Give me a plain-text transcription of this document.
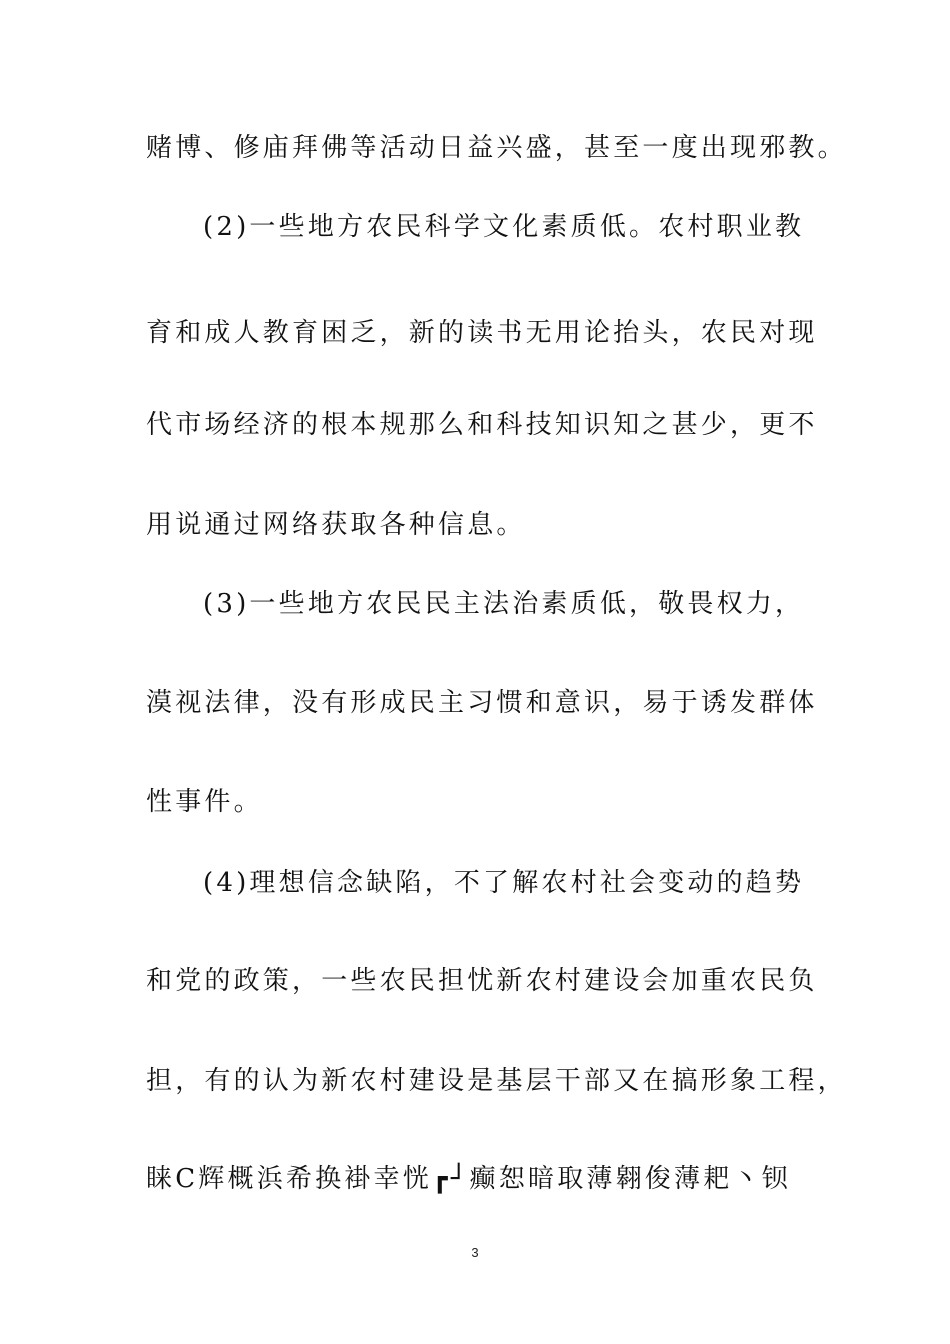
赌博、修庙拜佛等活动日益兴盛，甚至一度出现邪教。
(2)一些地方农民科学文化素质低。农村职业教
育和成人教育困乏，新的读书无用论抬头，农民对现
代市场经济的根本规那么和科技知识知之甚少，更不
用说通过网络获取各种信息。
(3)一些地方农民民主法治素质低，敬畏权力，
漠视法律，没有形成民主习惯和意识，易于诱发群体
性事件。
(4)理想信念缺陷，不了解农村社会变动的趋势
和党的政策，一些农民担忧新农村建设会加重农民负
担，有的认为新农村建设是基层干部又在搞形象工程，
睐C辉概浜希换褂幸恍┏┘癫恕暗取薄翱俊薄耙丶钡
3
